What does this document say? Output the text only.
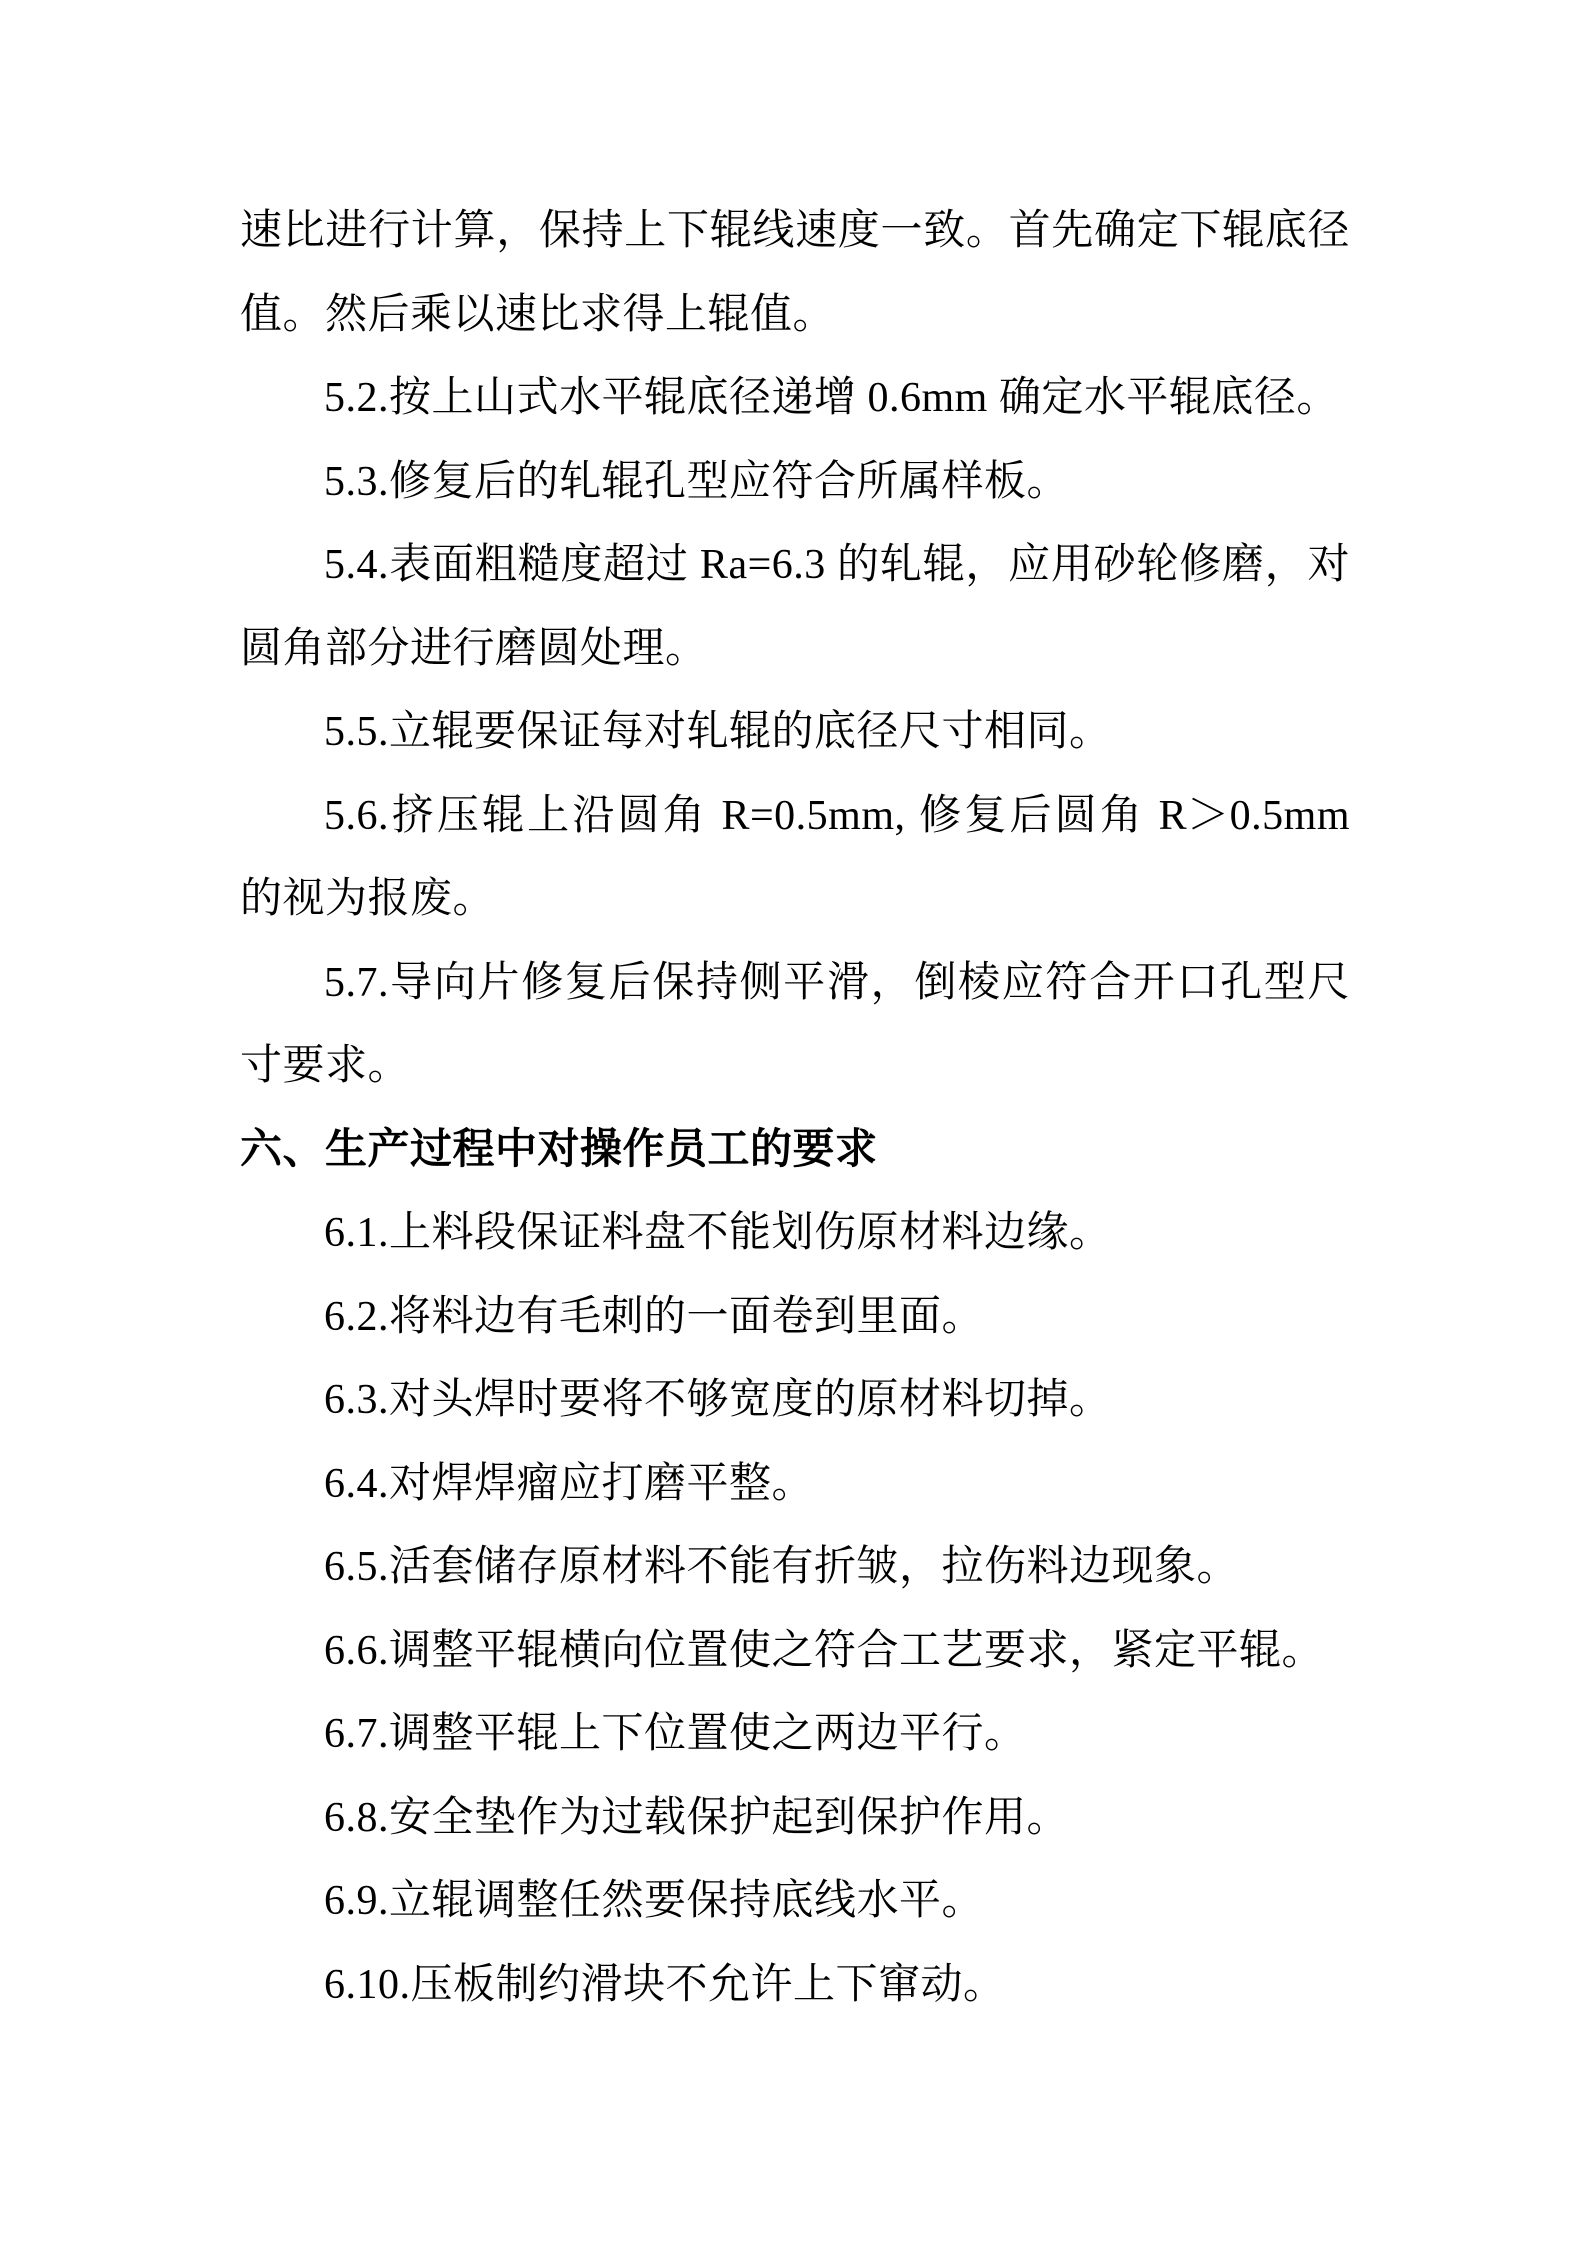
速比进行计算，保持上下辊线速度一致。首先确定下辊底径值。然后乘以速比求得上辊值。

5.2.按上山式水平辊底径递增 0.6mm 确定水平辊底径。

5.3.修复后的轧辊孔型应符合所属样板。

5.4.表面粗糙度超过 Ra=6.3 的轧辊，应用砂轮修磨，对圆角部分进行磨圆处理。

5.5.立辊要保证每对轧辊的底径尺寸相同。

5.6.挤压辊上沿圆角 R=0.5mm, 修复后圆角 R＞0.5mm 的视为报废。

5.7.导向片修复后保持侧平滑，倒棱应符合开口孔型尺寸要求。

六、生产过程中对操作员工的要求

6.1.上料段保证料盘不能划伤原材料边缘。

6.2.将料边有毛刺的一面卷到里面。

6.3.对头焊时要将不够宽度的原材料切掉。

6.4.对焊焊瘤应打磨平整。

6.5.活套储存原材料不能有折皱，拉伤料边现象。

6.6.调整平辊横向位置使之符合工艺要求，紧定平辊。

6.7.调整平辊上下位置使之两边平行。

6.8.安全垫作为过载保护起到保护作用。

6.9.立辊调整任然要保持底线水平。

6.10.压板制约滑块不允许上下窜动。
